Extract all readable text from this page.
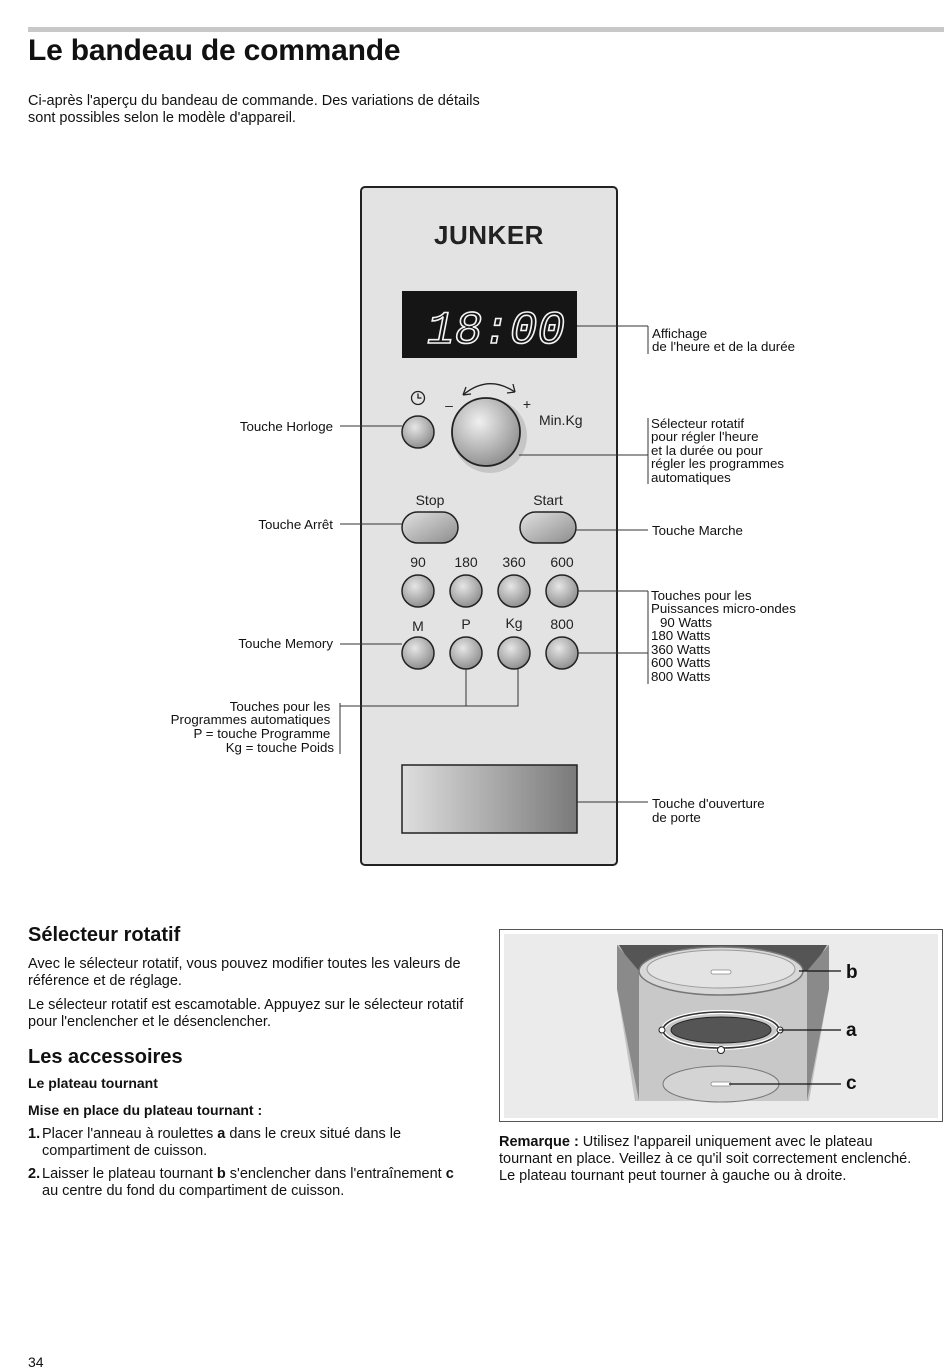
Le bandeau de commande

Ci-après l'aperçu du bandeau de commande. Des variations de détails sont possibles selon le modèle d'appareil.

JUNKER
18:00
–	+
Min.Kg
Stop	Start
90 180 360 600
M	P Kg 800
Affichage de l'heure et de la durée
Sélecteur rotatif pour régler l'heure et la durée ou pour régler les programmes automatiques
Touche Marche
Touches pour les Puissances micro-ondes 90 Watts 180 Watts 360 Watts 600 Watts 800 Watts
Touche d'ouverture de porte
Touche Horloge
Touche Arrêt
Touche Memory
Touches pour les Programmes automatiques P = touche Programme Kg = touche Poids
Sélecteur rotatif

Avec le sélecteur rotatif, vous pouvez modifier toutes les valeurs de référence et de réglage.

Le sélecteur rotatif est escamotable. Appuyez sur le sélecteur rotatif pour l'enclencher et le désenclencher.

Les accessoires

Le plateau tournant

Mise en place du plateau tournant :

1. Placer l'anneau à roulettes a dans le creux situé dans le compartiment de cuisson.
2. Laisser le plateau tournant b s'enclencher dans l'entraînement c au centre du fond du compartiment de cuisson.
b
a
c

Remarque : Utilisez l'appareil uniquement avec le plateau tournant en place. Veillez à ce qu'il soit correctement enclenché. Le plateau tournant peut tourner à gauche ou à droite.

34
